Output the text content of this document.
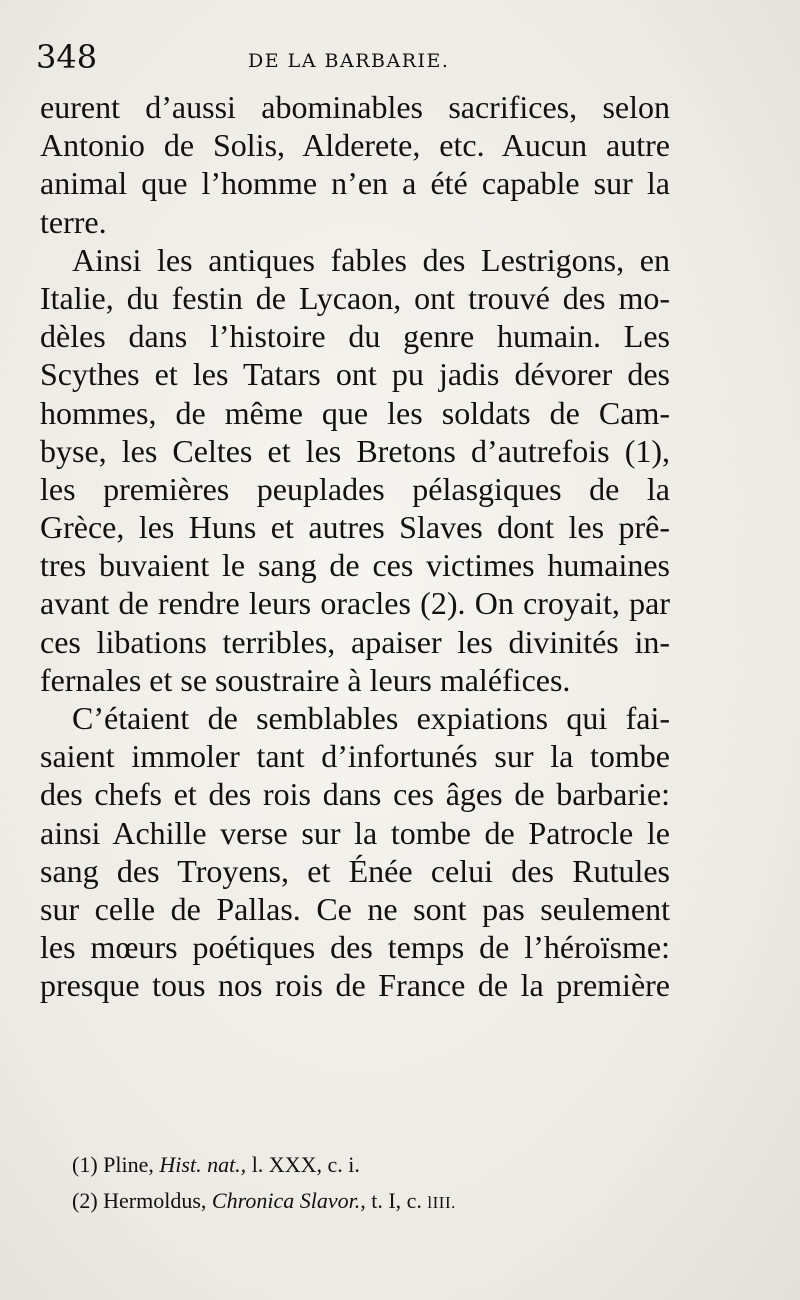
348	DE LA BARBARIE.
eurent d’aussi abominables sacrifices, selon
Antonio de Solis, Alderete, etc. Aucun autre
animal que l’homme n’en a été capable sur la
terre.
Ainsi les antiques fables des Lestrigons, en
Italie, du festin de Lycaon, ont trouvé des mo-
dèles dans l’histoire du genre humain. Les
Scythes et les Tatars ont pu jadis dévorer des
hommes, de même que les soldats de Cam-
byse, les Celtes et les Bretons d’autrefois (1),
les premières peuplades pélasgiques de la
Grèce, les Huns et autres Slaves dont les prê-
tres buvaient le sang de ces victimes humaines
avant de rendre leurs oracles (2). On croyait, par
ces libations terribles, apaiser les divinités in-
fernales et se soustraire à leurs maléfices.
C’étaient de semblables expiations qui fai-
saient immoler tant d’infortunés sur la tombe
des chefs et des rois dans ces âges de barbarie:
ainsi Achille verse sur la tombe de Patrocle le
sang des Troyens, et Énée celui des Rutules
sur celle de Pallas. Ce ne sont pas seulement
les mœurs poétiques des temps de l’héroïsme:
presque tous nos rois de France de la première
(1) Pline, Hist. nat., l. XXX, c. i.
(2) Hermoldus, Chronica Slavor., t. I, c. lIII.
